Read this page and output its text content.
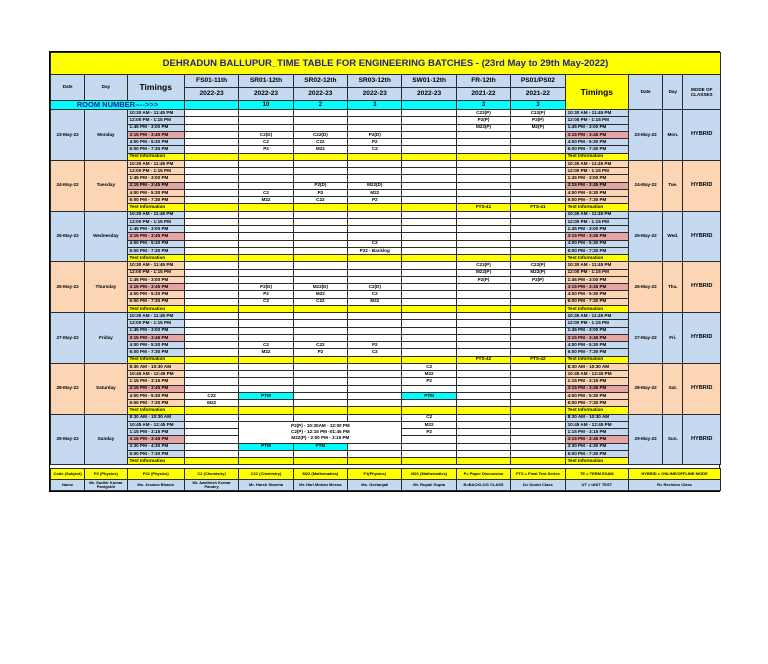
DEHRADUN BALLUPUR_TIME TABLE FOR ENGINEERING BATCHES - (23rd May to 29th May-2022)													
Date	Day	Timings	FS01-11th	SR01-12th	SR02-12th	SR03-12th	SW01-12th	FR-12th	PS01/PS02	Timings	Date	Day	MODE OF CLASSES
			2022-23	2022-23	2022-23	2022-23	2022-23	2021-22	2021-22				
ROOM NUMBER---->>>				10	2	3		3	3				
23-May-22	Monday	10:30 AM - 11:45 PM						C22(P)	C22(P)	10:30 AM - 11:45 PM	23-May-22	Mon.	HYBRID
		12:00 PM - 1:15 PM						P2(P)	P2(P)	12:00 PM - 1:15 PM			
		1:45 PM - 3:00 PM						M22(P)	M2(P)	1:45 PM - 3:00 PM			
		3:15 PM - 3:45 PM		C2(D)	C22(D)	P2(D)				3:15 PM - 3:45 PM			
		4:00 PM - 5:30 PM		C2	C22	P2				4:00 PM - 5:30 PM			
		6:00 PM - 7:30 PM		P2	M22	C2				6:00 PM - 7:30 PM			
		Test Information								Test Information			
24-May-22	Tuesday	10:30 AM - 11:45 PM								10:30 AM - 11:45 PM	24-May-22	Tue.	HYBRID
		12:00 PM - 1:15 PM								12:00 PM - 1:15 PM			
		1:45 PM - 3:00 PM								1:45 PM - 3:00 PM			
		3:15 PM - 3:45 PM			P2(D)	M22(D)				3:15 PM - 3:45 PM			
		4:00 PM - 5:30 PM		C2	P2	M22				4:00 PM - 5:30 PM			
		6:00 PM - 7:30 PM		M22	C22	P2				6:00 PM - 7:30 PM			
		Test Information						FTS-41	FTS-41	Test Information			
25-May-22	Wednesday	10:30 AM - 11:45 PM								10:30 AM - 11:45 PM	25-May-22	Wed.	HYBRID
		12:00 PM - 1:15 PM								12:00 PM - 1:15 PM			
		1:45 PM - 3:00 PM								1:45 PM - 3:00 PM			
		3:15 PM - 3:45 PM								3:15 PM - 3:45 PM			
		4:00 PM - 5:30 PM				C2				4:00 PM - 5:30 PM			
		6:00 PM - 7:30 PM				P22 - Backlog				6:00 PM - 7:30 PM			
		Test Information								Test Information			
26-May-22	Thursday	10:30 AM - 11:45 PM						C22(P)	C22(P)	10:30 AM - 11:45 PM	26-May-22	Thu.	HYBRID
		12:00 PM - 1:15 PM						M22(P)	M22(P)	12:00 PM - 1:15 PM			
		1:45 PM - 3:00 PM						P2(P)	P2(P)	1:45 PM - 3:00 PM			
		3:15 PM - 3:45 PM		P2(D)	M22(D)	C2(D)				3:15 PM - 3:45 PM			
		4:00 PM - 5:30 PM		P2	M22	C2				4:00 PM - 5:30 PM			
		6:00 PM - 7:30 PM		C2	C22	M22				6:00 PM - 7:30 PM			
		Test Information								Test Information			
27-May-22	Friday	10:30 AM - 11:45 PM								10:30 AM - 11:45 PM	27-May-22	Fri.	HYBRID
		12:00 PM - 1:15 PM								12:00 PM - 1:15 PM			
		1:45 PM - 3:00 PM								1:45 PM - 3:00 PM			
		3:15 PM - 3:45 PM								3:15 PM - 3:45 PM			
		4:00 PM - 5:30 PM		C2	C22	P2				4:00 PM - 5:30 PM			
		6:00 PM - 7:30 PM		M22	P2	C2				6:00 PM - 7:30 PM			
		Test Information						FTS-42	FTS-42	Test Information			
28-May-22	Saturday	8:30 AM - 10:30 AM					C2			8:30 AM - 10:30 AM	28-May-22	Sat.	HYBRID
		10:45 AM - 12:45 PM					M22			10:45 AM - 12:45 PM			
		1:15 PM - 3:15 PM					P2			1:15 PM - 3:15 PM			
		3:15 PM - 3:45 PM								3:15 PM - 3:45 PM			
		4:00 PM - 5:30 PM	C22	PTM			PTM			4:00 PM - 5:30 PM			
		6:00 PM - 7:30 PM	M22							6:00 PM - 7:30 PM			
		Test Information								Test Information			
29-May-22	Sunday	8:30 AM - 10:30 AM					C2			8:30 AM - 10:30 AM	29-May-22	Sun.	HYBRID
		10:45 AM - 12:45 PM		P2(P) - 10:30AM - 12:00 PM
C2(P) - 12:15 PM -01:45 PM
M22(P) - 2:00 PM - 3:15 PM			M22			10:45 AM - 12:45 PM			
		1:15 PM - 3:15 PM					P2			1:15 PM - 3:15 PM			
		3:15 PM - 3:45 PM								3:15 PM - 3:45 PM			
		3:30 PM - 4:30 PM		PTM	PTM					3:30 PM - 4:30 PM			
		6:00 PM - 7:30 PM								6:00 PM - 7:30 PM			
		Test Information								Test Information			

Code (Subject)	P2 (Physics)	P22 (Physics)	C2 (Chemistry)	C22 (Chemistry)	M22 (Mathematics)	P1(Physics)	M21 (Mathematics)	P= Paper Discussion	FTS = Final Test Series	TE = TERM EXAM	HYBRID = ONLINE/OFFLINE MODE		
Name	Mr. Sudhir Kumar Panigrahi	Ms. Jessica Bhasin	Mr. Awdhesh Kumar Pandey	Mr. Harsh Sharma	Mr. Hari Mohan Meena	Ms. Geetanjali	Mr. Rupali Gupta	B=BACKLOG CLASS	D= Doubt Class	UT = UNIT TEST	R= Revision Class		
